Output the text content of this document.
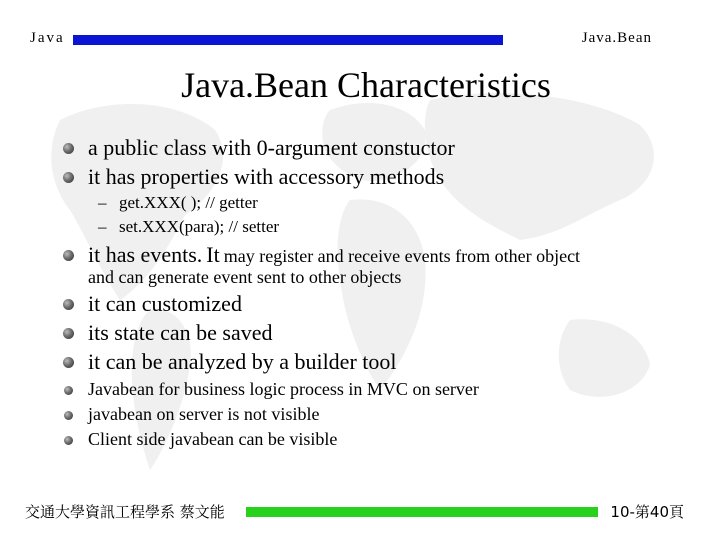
Java	Java.Bean
Java.Bean Characteristics
a public class with 0-argument constuctor
it has properties with accessory methods
– get.XXX( ); // getter
– set.XXX(para); // setter
it has events. It may register and receive events from other object
and can generate event sent to other objects
it can customized
its state can be saved
it can be analyzed by a builder tool
Javabean for business logic process in MVC on server
javabean on server is not visible
Client side javabean can be visible
交通大學資訊工程學系 蔡文能	10-第40頁
